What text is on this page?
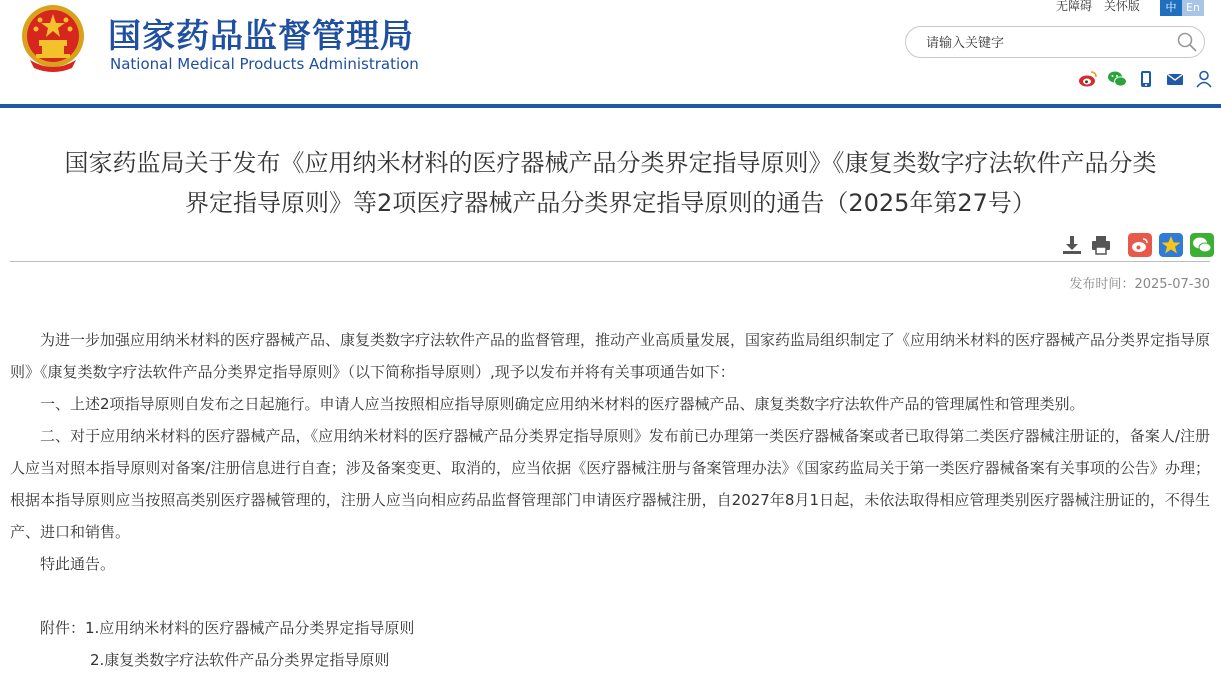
国家药品监督管理局
National Medical Products Administration
无障碍 关怀版	中 En
请输入关键字

国家药监局关于发布《应用纳米材料的医疗器械产品分类界定指导原则》《康复类数字疗法软件产品分类
界定指导原则》等2项医疗器械产品分类界定指导原则的通告（2025年第27号）

发布时间：2025-07-30

为进一步加强应用纳米材料的医疗器械产品、康复类数字疗法软件产品的监督管理，推动产业高质量发展，国家药监局组织制定了《应用纳米材料的医疗器械产品分类界定指导原则》《康复类数字疗法软件产品分类界定指导原则》（以下简称指导原则）,现予以发布并将有关事项通告如下：

一、上述2项指导原则自发布之日起施行。申请人应当按照相应指导原则确定应用纳米材料的医疗器械产品、康复类数字疗法软件产品的管理属性和管理类别。

二、对于应用纳米材料的医疗器械产品，《应用纳米材料的医疗器械产品分类界定指导原则》发布前已办理第一类医疗器械备案或者已取得第二类医疗器械注册证的，备案人/注册人应当对照本指导原则对备案/注册信息进行自查；涉及备案变更、取消的，应当依据《医疗器械注册与备案管理办法》《国家药监局关于第一类医疗器械备案有关事项的公告》办理；根据本指导原则应当按照高类别医疗器械管理的，注册人应当向相应药品监督管理部门申请医疗器械注册，自2027年8月1日起，未依法取得相应管理类别医疗器械注册证的，不得生产、进口和销售。

特此通告。

附件：1.应用纳米材料的医疗器械产品分类界定指导原则

2.康复类数字疗法软件产品分类界定指导原则
